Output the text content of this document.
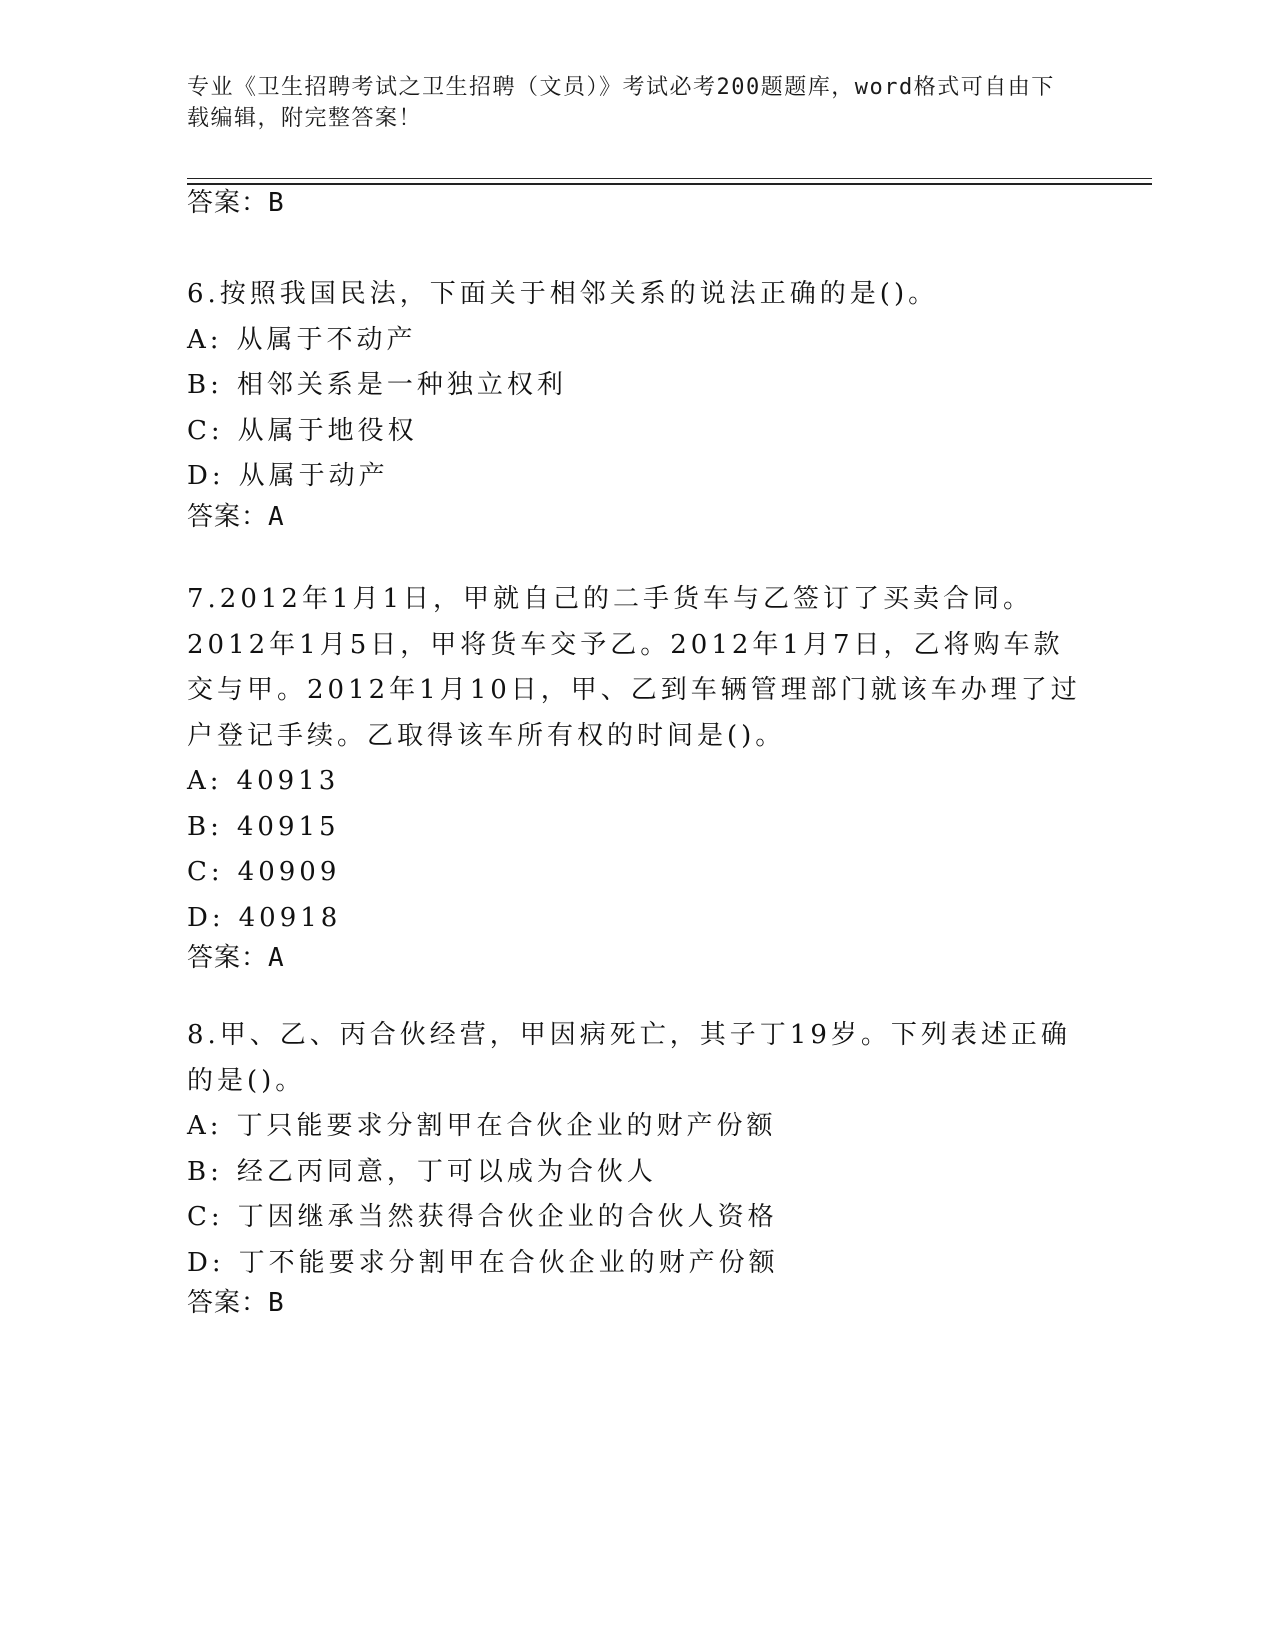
专业《卫生招聘考试之卫生招聘（文员）》考试必考200题题库，word格式可自由下载编辑，附完整答案！
答案：B
6.按照我国民法，下面关于相邻关系的说法正确的是()。
A: 从属于不动产
B: 相邻关系是一种独立权利
C: 从属于地役权
D: 从属于动产
答案：A
7.2012年1月1日，甲就自己的二手货车与乙签订了买卖合同。2012年1月5日，甲将货车交予乙。2012年1月7日，乙将购车款交与甲。2012年1月10日，甲、乙到车辆管理部门就该车办理了过户登记手续。乙取得该车所有权的时间是()。
A: 40913
B: 40915
C: 40909
D: 40918
答案：A
8.甲、乙、丙合伙经营，甲因病死亡，其子丁19岁。下列表述正确的是()。
A: 丁只能要求分割甲在合伙企业的财产份额
B: 经乙丙同意，丁可以成为合伙人
C: 丁因继承当然获得合伙企业的合伙人资格
D: 丁不能要求分割甲在合伙企业的财产份额
答案：B
